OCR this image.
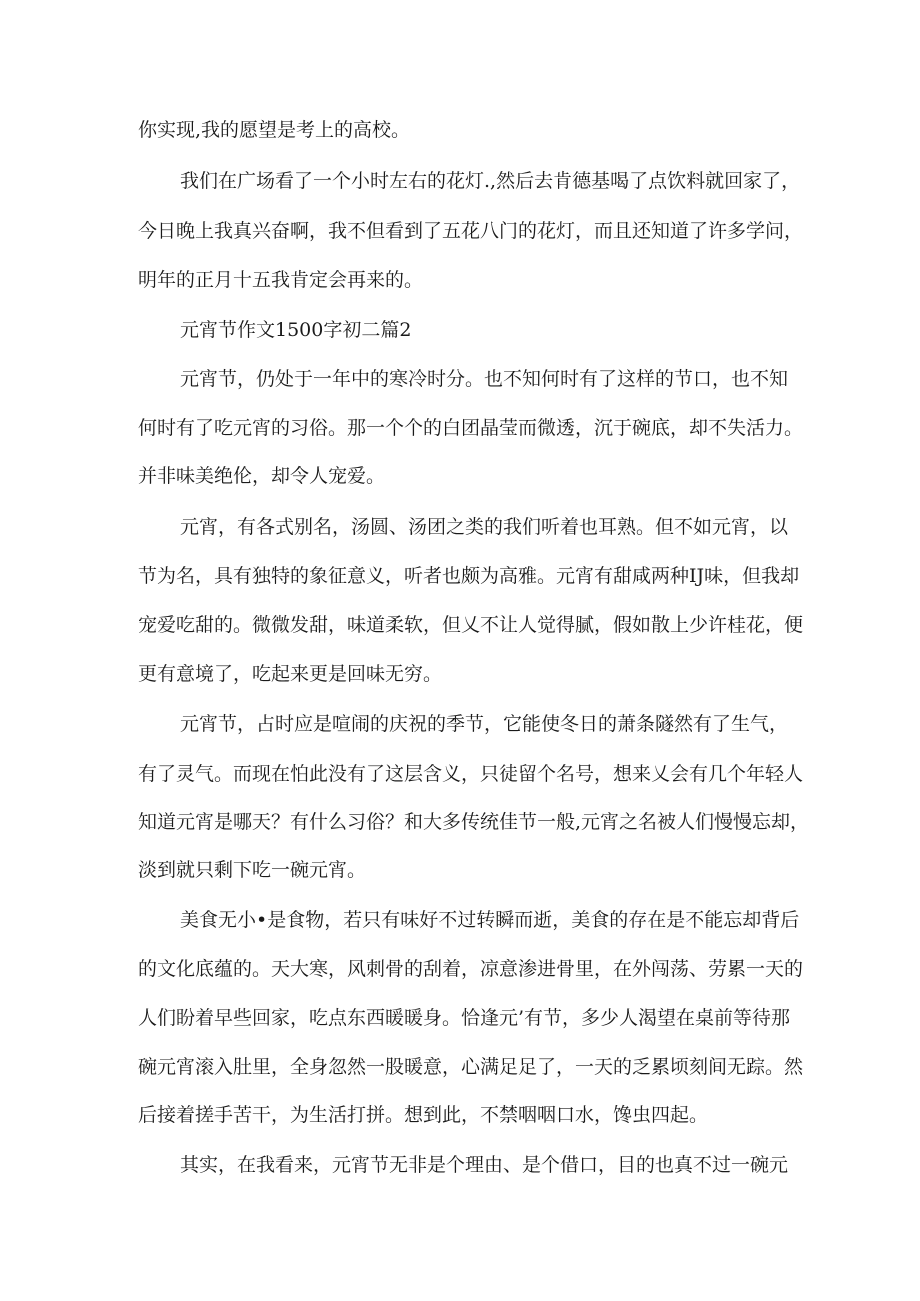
你实现,我的愿望是考上的高校。
我们在广场看了一个小时左右的花灯.,然后去肯德基喝了点饮料就回家了，
今日晚上我真兴奋啊，我不但看到了五花八门的花灯，而且还知道了许多学问，
明年的正月十五我肯定会再来的。
元宵节作文1500字初二篇2
元宵节，仍处于一年中的寒冷时分。也不知何时有了这样的节口，也不知
何时有了吃元宵的习俗。那一个个的白团晶莹而微透，沉于碗底，却不失活力。
并非味美绝伦，却令人宠爱。
元宵，有各式别名，汤圆、汤团之类的我们听着也耳熟。但不如元宵，以
节为名，具有独特的象征意义，听者也颇为高雅。元宵有甜咸两种IJ味，但我却
宠爱吃甜的。微微发甜，味道柔软，但乂不让人觉得腻，假如散上少许桂花，便
更有意境了，吃起来更是回味无穷。
元宵节，占时应是喧闹的庆祝的季节，它能使冬日的萧条隧然有了生气，
有了灵气。而现在怕此没有了这层含义，只徒留个名号，想来乂会有几个年轻人
知道元宵是哪天？有什么习俗？和大多传统佳节一般,元宵之名被人们慢慢忘却，
淡到就只剩下吃一碗元宵。
美食无小•是食物，若只有味好不过转瞬而逝，美食的存在是不能忘却背后
的文化底蕴的。天大寒，风刺骨的刮着，凉意渗进骨里，在外闯荡、劳累一天的
人们盼着早些回家，吃点东西暖暖身。恰逢元’有节，多少人渴望在桌前等待那
碗元宵滚入肚里，全身忽然一股暖意，心满足足了，一天的乏累顷刻间无踪。然
后接着搓手苦干，为生活打拼。想到此，不禁咽咽口水，馋虫四起。
其实，在我看来，元宵节无非是个理由、是个借口，目的也真不过一碗元
